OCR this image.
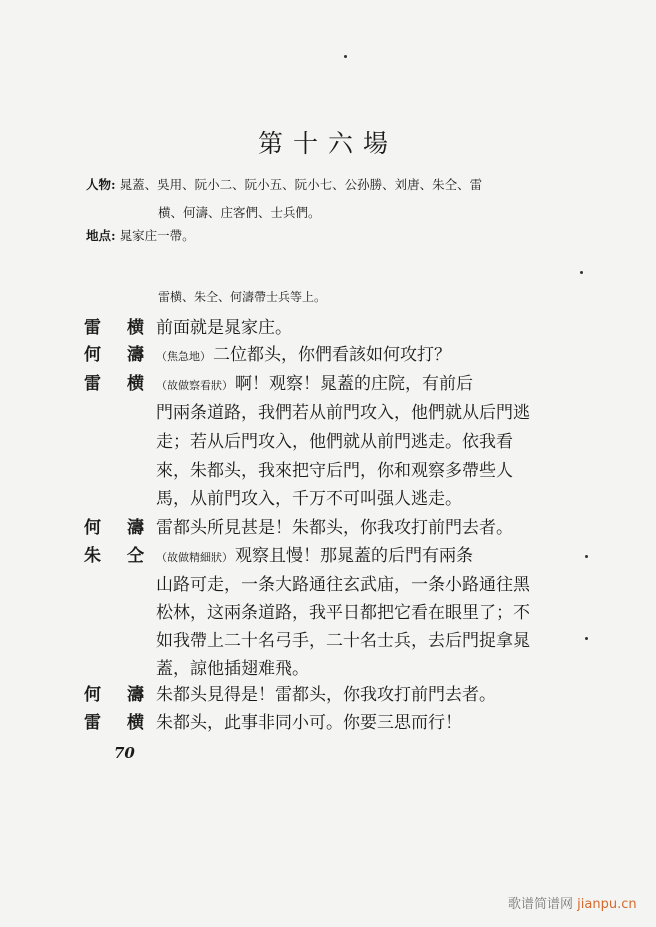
第十六場
人物: 晁蓋、吳用、阮小二、阮小五、阮小七、公孙勝、刘唐、朱仝、雷
横、何濤、庄客們、士兵們。
地点: 晁家庄一帶。
雷横、朱仝、何濤帶士兵等上。
雷 横 前面就是晁家庄。
何 濤 （焦急地） 二位都头，你們看該如何攻打？
雷 横 （故做察看狀） 啊！观察！晁蓋的庄院，有前后
門兩条道路，我們若从前門攻入，他們就从后門逃
走；若从后門攻入，他們就从前門逃走。依我看
來，朱都头，我來把守后門，你和观察多帶些人
馬，从前門攻入，千万不可叫强人逃走。
何 濤 雷都头所見甚是！朱都头，你我攻打前門去者。
朱 仝 （故做精細狀） 观察且慢！那晁蓋的后門有兩条
山路可走，一条大路通往玄武庙，一条小路通往黑
松林，这兩条道路，我平日都把它看在眼里了；不
如我帶上二十名弓手，二十名士兵，去后門捉拿晁
蓋，諒他插翅难飛。
何 濤 朱都头見得是！雷都头，你我攻打前門去者。
雷 横 朱都头，此事非同小可。你要三思而行！
70
歌谱简谱网 jianpu.cn
